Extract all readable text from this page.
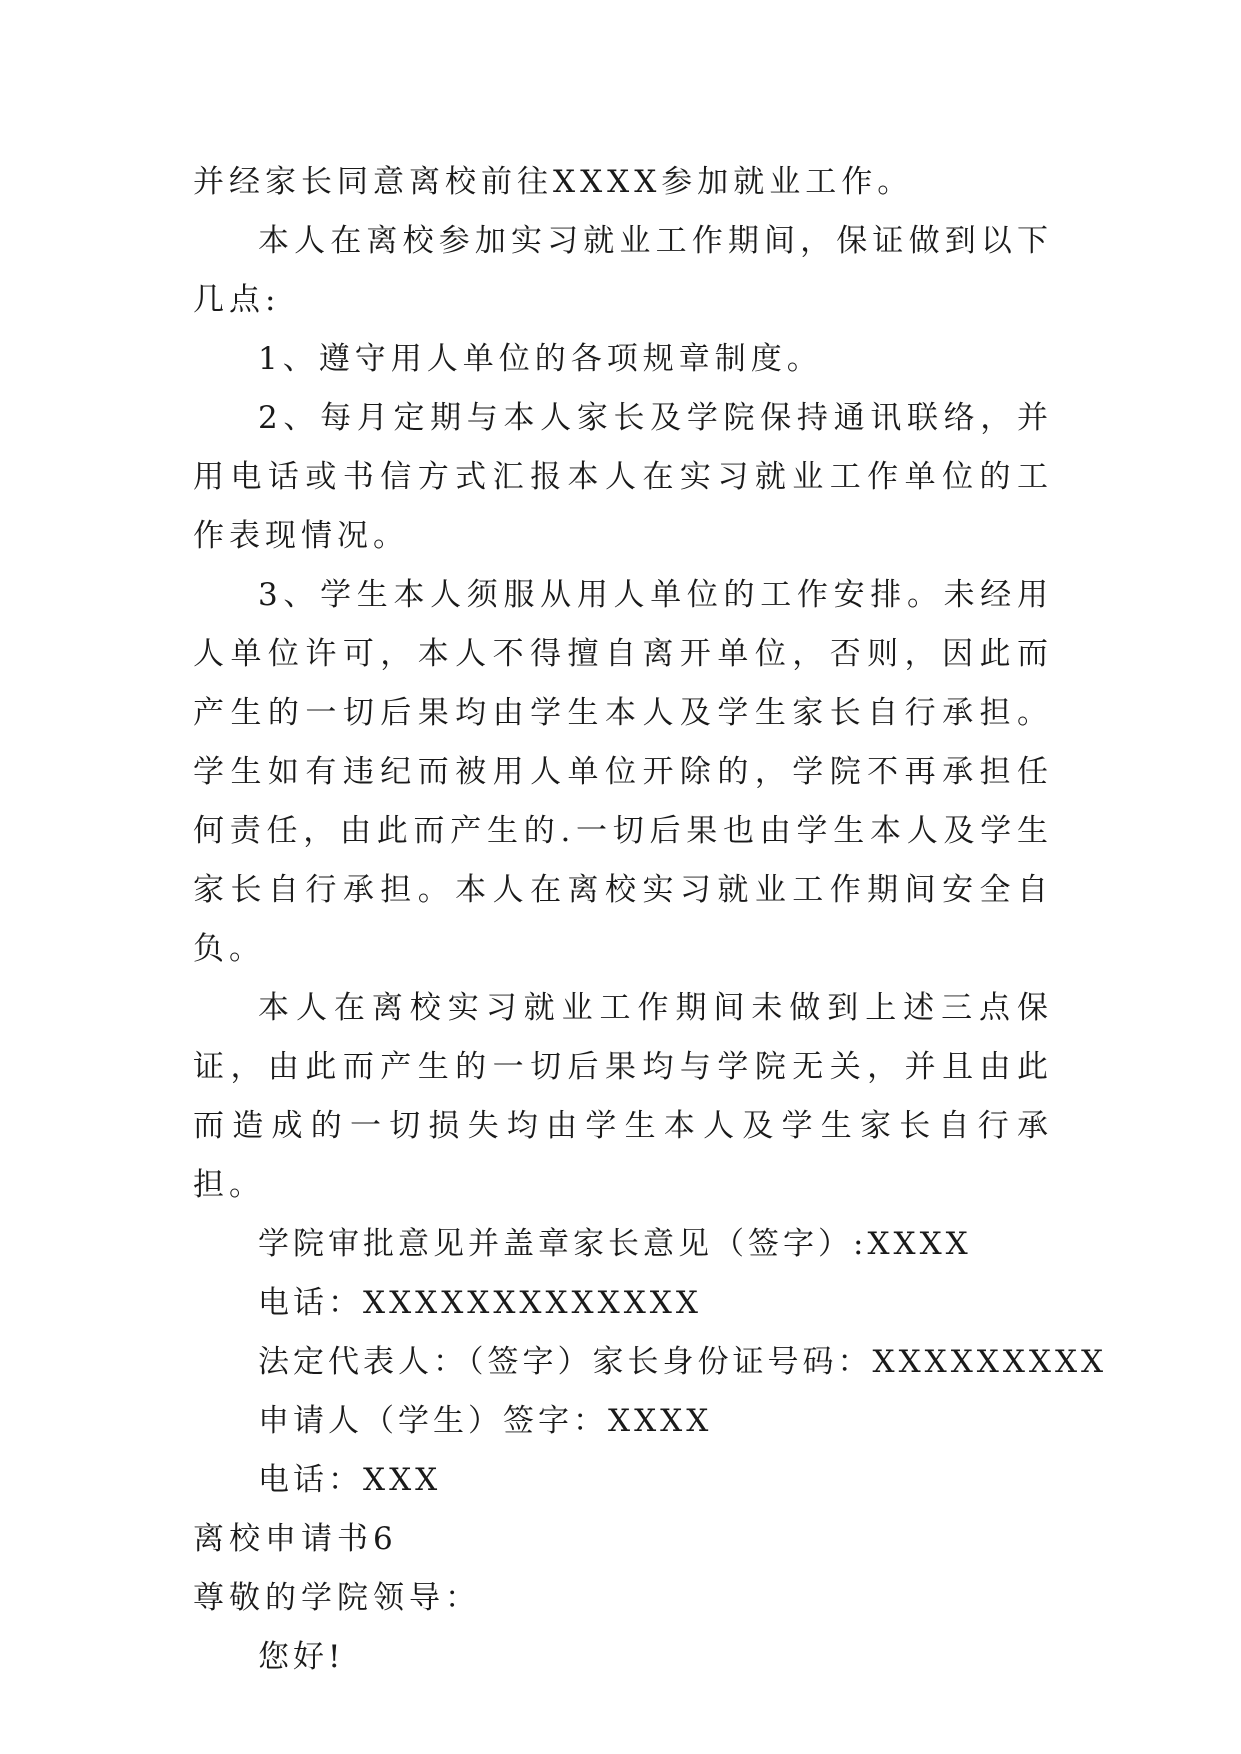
并经家长同意离校前往XXXX参加就业工作。

本人在离校参加实习就业工作期间，保证做到以下几点:

1、遵守用人单位的各项规章制度。

2、每月定期与本人家长及学院保持通讯联络，并用电话或书信方式汇报本人在实习就业工作单位的工作表现情况。

3、学生本人须服从用人单位的工作安排。未经用人单位许可，本人不得擅自离开单位，否则，因此而产生的一切后果均由学生本人及学生家长自行承担。学生如有违纪而被用人单位开除的，学院不再承担任何责任，由此而产生的.一切后果也由学生本人及学生家长自行承担。本人在离校实习就业工作期间安全自负。

本人在离校实习就业工作期间未做到上述三点保证，由此而产生的一切后果均与学院无关，并且由此而造成的一切损失均由学生本人及学生家长自行承担。

学院审批意见并盖章家长意见（签字）:XXXX

电话：XXXXXXXXXXXXX

法定代表人：（签字）家长身份证号码：XXXXXXXXX

申请人（学生）签字：XXXX

电话：XXX

离校申请书6

尊敬的学院领导：

您好!
